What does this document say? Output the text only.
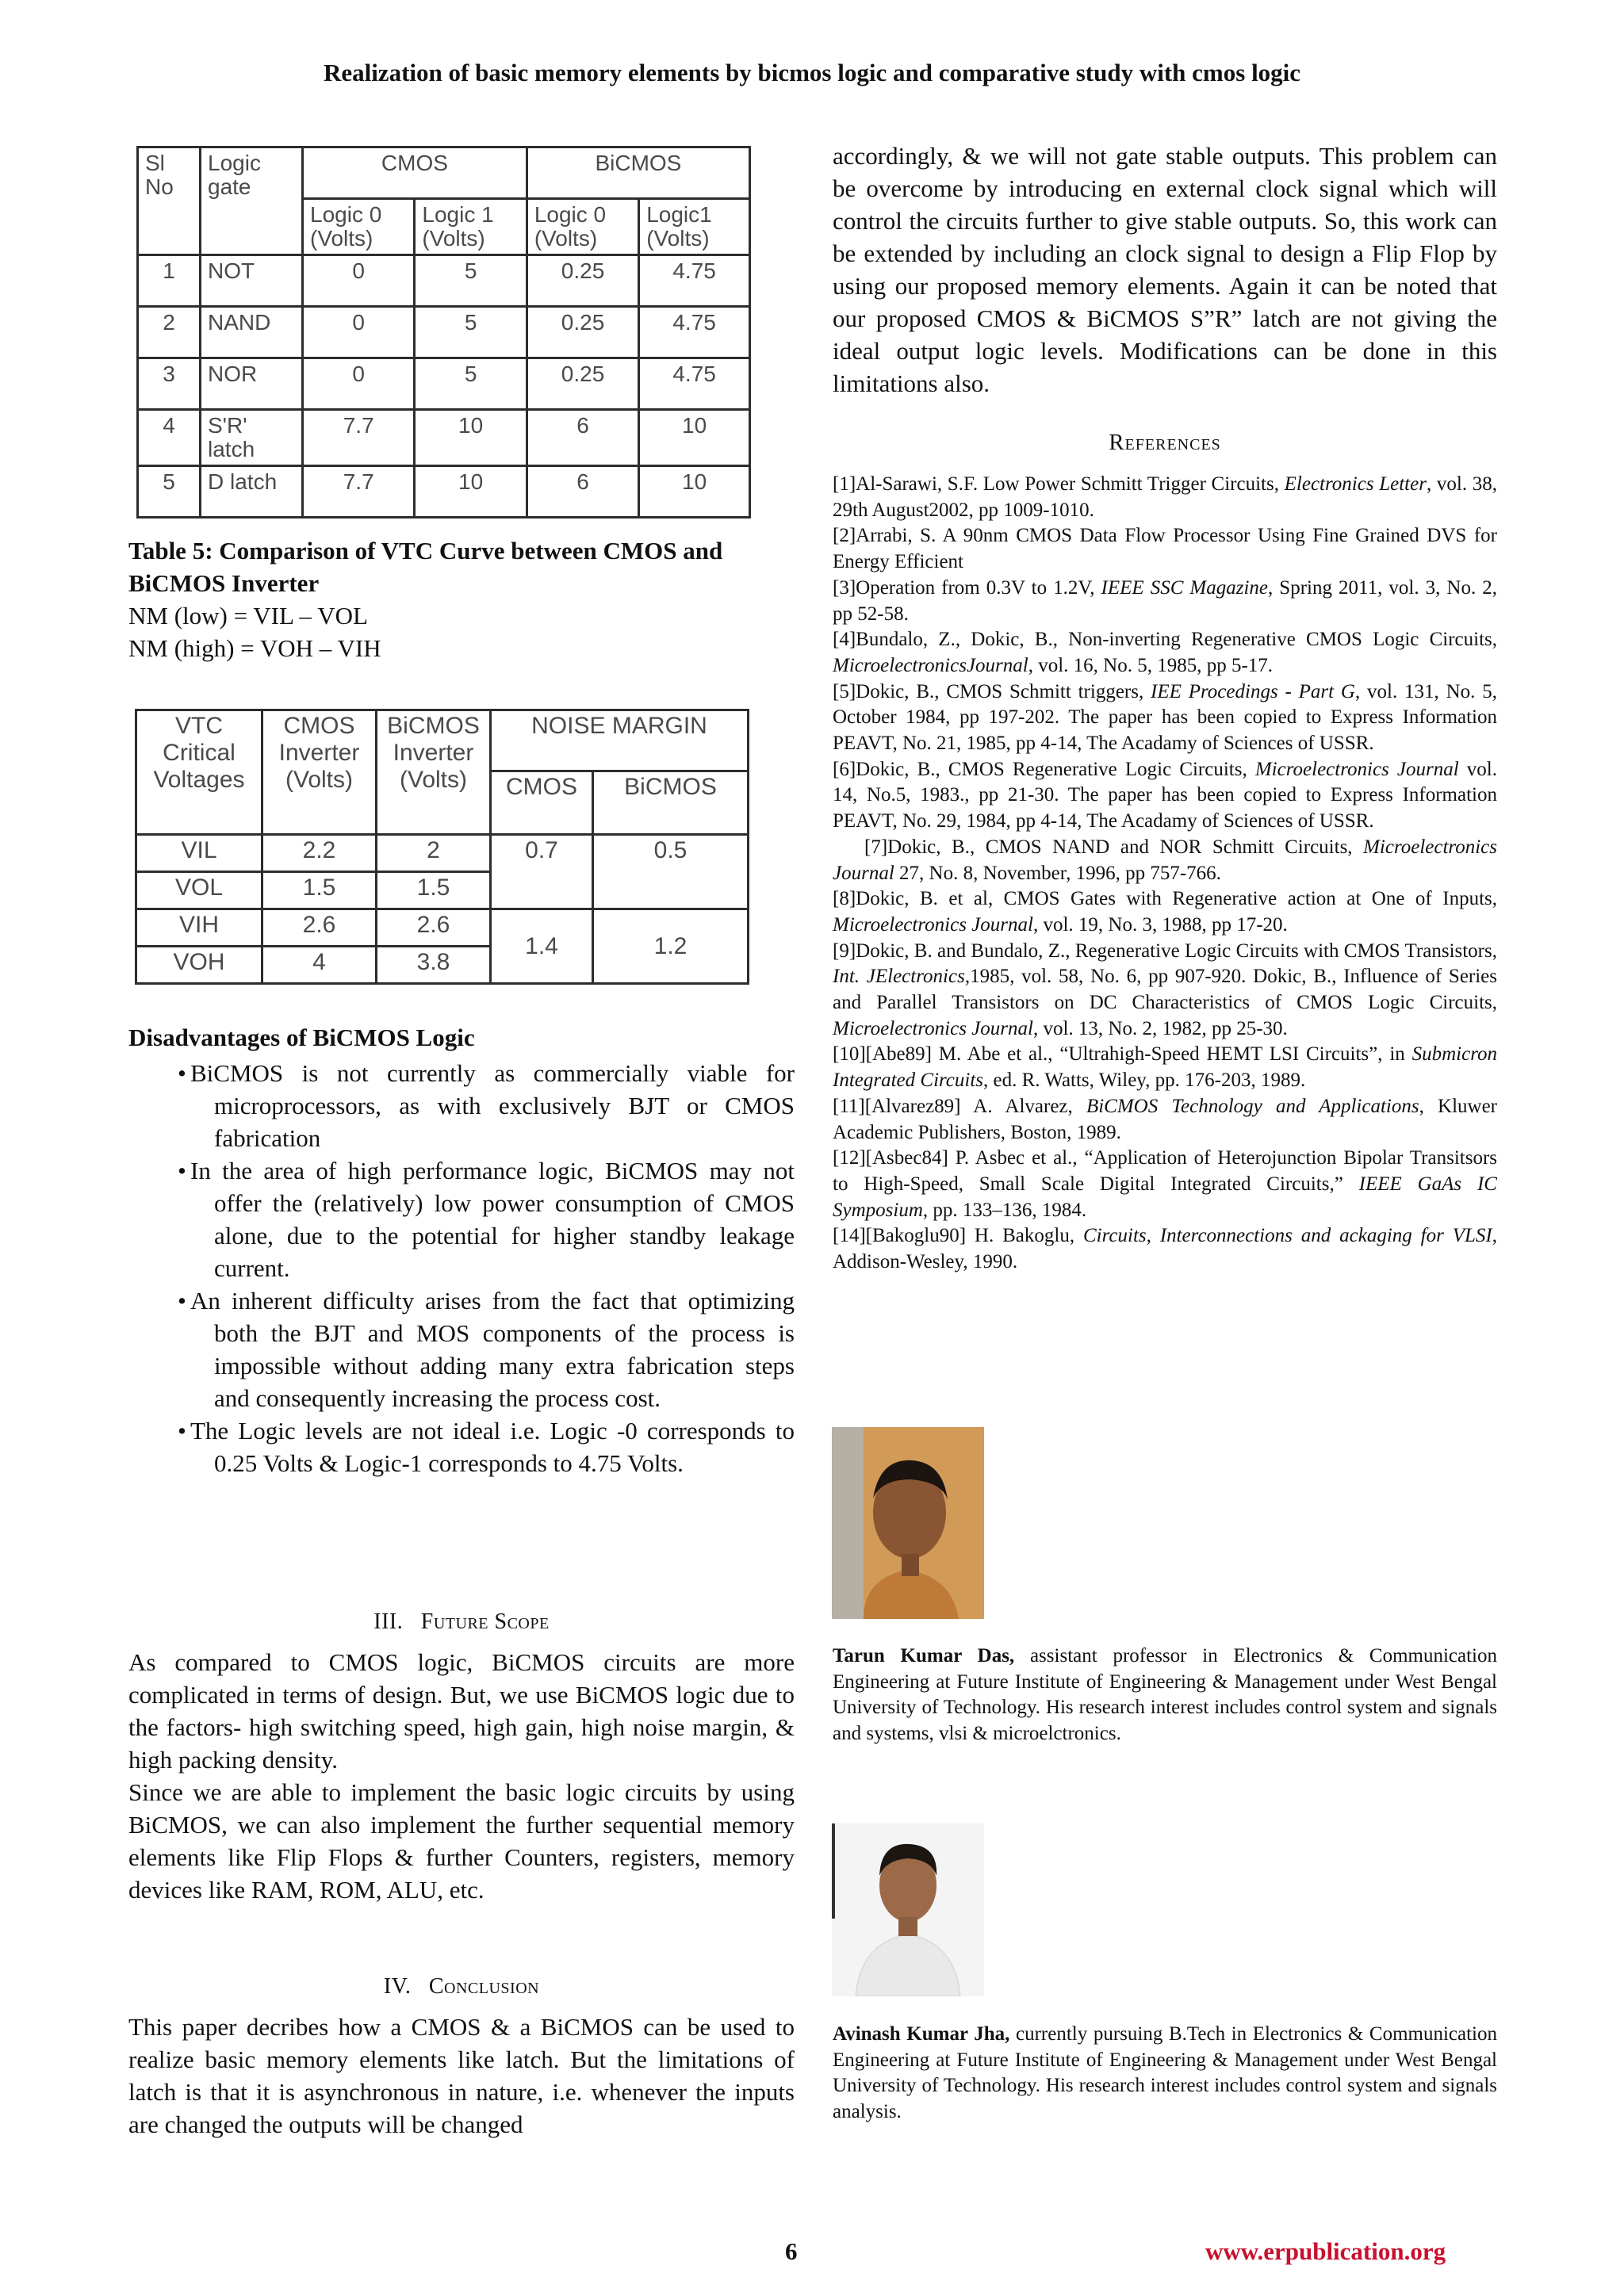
Realization of basic memory elements by bicmos logic and comparative study with cmos logic
Sl No	Logic gate	CMOS		BiCMOS	
		Logic 0 (Volts)	Logic 1 (Volts)	Logic 0 (Volts)	Logic1 (Volts)
1	NOT	0	5	0.25	4.75
2	NAND	0	5	0.25	4.75
3	NOR	0	5	0.25	4.75
4	S'R' latch	7.7	10	6	10
5	D latch	7.7	10	6	10
Table 5: Comparison of VTC Curve between CMOS and BiCMOS Inverter
NM (low) = VIL – VOL
NM (high) = VOH – VIH
VTC Critical Voltages	CMOS Inverter (Volts)	BiCMOS Inverter (Volts)	NOISE MARGIN	
			CMOS	BiCMOS
VIL	2.2	2	0.7	0.5
VOL	1.5	1.5		
VIH	2.6	2.6	1.4	1.2
VOH	4	3.8		
Disadvantages of BiCMOS Logic
• BiCMOS is not currently as commercially viable for microprocessors, as with exclusively BJT or CMOS fabrication
• In the area of high performance logic, BiCMOS may not offer the (relatively) low power consumption of CMOS alone, due to the potential for higher standby leakage current.
• An inherent difficulty arises from the fact that optimizing both the BJT and MOS components of the process is impossible without adding many extra fabrication steps and consequently increasing the process cost.
• The Logic levels are not ideal i.e. Logic -0 corresponds to 0.25 Volts & Logic-1 corresponds to 4.75 Volts.
III. Future Scope
As compared to CMOS logic, BiCMOS circuits are more complicated in terms of design. But, we use BiCMOS logic due to the factors- high switching speed, high gain, high noise margin, & high packing density.
Since we are able to implement the basic logic circuits by using BiCMOS, we can also implement the further sequential memory elements like Flip Flops & further Counters, registers, memory devices like RAM, ROM, ALU, etc.
IV. Conclusion
This paper decribes how a CMOS & a BiCMOS can be used to realize basic memory elements like latch. But the limitations of latch is that it is asynchronous in nature, i.e. whenever the inputs are changed the outputs will be changed
accordingly, & we will not gate stable outputs. This problem can be overcome by introducing en external clock signal which will control the circuits further to give stable outputs. So, this work can be extended by including an clock signal to design a Flip Flop by using our proposed memory elements. Again it can be noted that our proposed CMOS & BiCMOS S”R” latch are not giving the ideal output logic levels. Modifications can be done in this limitations also.
References

[1]Al-Sarawi, S.F. Low Power Schmitt Trigger Circuits, Electronics Letter, vol. 38, 29th August2002, pp 1009-1010.

[2]Arrabi, S. A 90nm CMOS Data Flow Processor Using Fine Grained DVS for Energy Efficient

[3]Operation from 0.3V to 1.2V, IEEE SSC Magazine, Spring 2011, vol. 3, No. 2, pp 52-58.

[4]Bundalo, Z., Dokic, B., Non-inverting Regenerative CMOS Logic Circuits, MicroelectronicsJournal, vol. 16, No. 5, 1985, pp 5-17.

[5]Dokic, B., CMOS Schmitt triggers, IEE Procedings - Part G, vol. 131, No. 5, October 1984, pp 197-202. The paper has been copied to Express Information PEAVT, No. 21, 1985, pp 4-14, The Acadamy of Sciences of USSR.

[6]Dokic, B., CMOS Regenerative Logic Circuits, Microelectronics Journal vol. 14, No.5, 1983., pp 21-30. The paper has been copied to Express Information PEAVT, No. 29, 1984, pp 4-14, The Acadamy of Sciences of USSR.

[7]Dokic, B., CMOS NAND and NOR Schmitt Circuits, Microelectronics Journal 27, No. 8, November, 1996, pp 757-766.

[8]Dokic, B. et al, CMOS Gates with Regenerative action at One of Inputs, Microelectronics Journal, vol. 19, No. 3, 1988, pp 17-20.

[9]Dokic, B. and Bundalo, Z., Regenerative Logic Circuits with CMOS Transistors, Int. JElectronics,1985, vol. 58, No. 6, pp 907-920. Dokic, B., Influence of Series and Parallel Transistors on DC Characteristics of CMOS Logic Circuits, Microelectronics Journal, vol. 13, No. 2, 1982, pp 25-30.

[10][Abe89] M. Abe et al., “Ultrahigh-Speed HEMT LSI Circuits”, in Submicron Integrated Circuits, ed. R. Watts, Wiley, pp. 176-203, 1989.

[11][Alvarez89] A. Alvarez, BiCMOS Technology and Applications, Kluwer Academic Publishers, Boston, 1989.

[12][Asbec84] P. Asbec et al., “Application of Heterojunction Bipolar Transitsors to High-Speed, Small Scale Digital Integrated Circuits,” IEEE GaAs IC Symposium, pp. 133–136, 1984.

[14][Bakoglu90] H. Bakoglu, Circuits, Interconnections and ackaging for VLSI, Addison-Wesley, 1990.

Tarun Kumar Das, assistant professor in Electronics & Communication Engineering at Future Institute of Engineering & Management under West Bengal University of Technology. His research interest includes control system and signals and systems, vlsi & microelctronics.
Avinash Kumar Jha, currently pursuing B.Tech in Electronics & Communication Engineering at Future Institute of Engineering & Management under West Bengal University of Technology. His research interest includes control system and signals analysis.
6	www.erpublication.org
